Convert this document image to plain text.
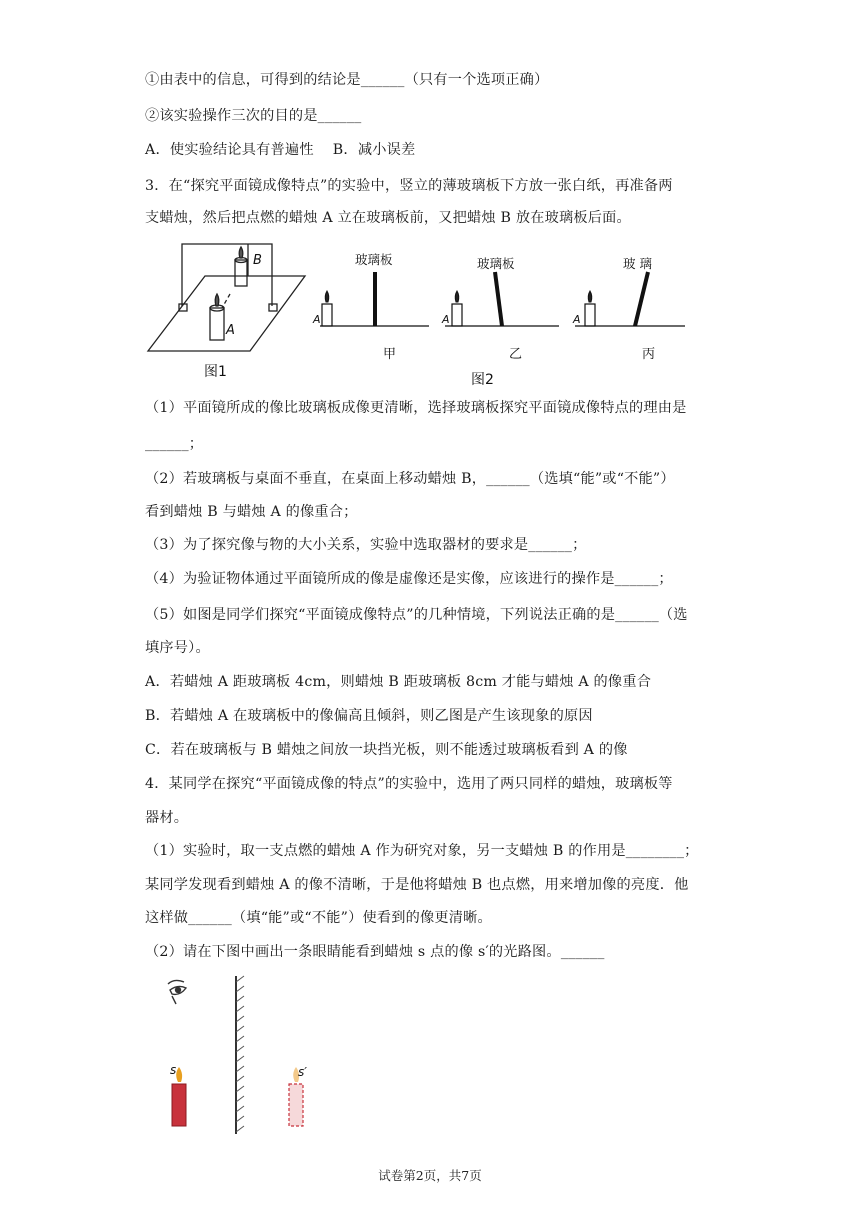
①由表中的信息，可得到的结论是______（只有一个选项正确）
②该实验操作三次的目的是______
A．使实验结论具有普遍性　 B．减小误差
3．在“探究平面镜成像特点”的实验中，竖立的薄玻璃板下方放一张白纸，再准备两
支蜡烛，然后把点燃的蜡烛 A 立在玻璃板前，又把蜡烛 B 放在玻璃板后面。
B
A
图1
玻璃板
A
甲
玻璃板
A
乙
玻 璃
A
丙
图2
（1）平面镜所成的像比玻璃板成像更清晰，选择玻璃板探究平面镜成像特点的理由是
______；
（2）若玻璃板与桌面不垂直，在桌面上移动蜡烛 B，______（选填“能”或“不能”）
看到蜡烛 B 与蜡烛 A 的像重合；
（3）为了探究像与物的大小关系，实验中选取器材的要求是______；
（4）为验证物体通过平面镜所成的像是虚像还是实像，应该进行的操作是______；
（5）如图是同学们探究“平面镜成像特点”的几种情境，下列说法正确的是______（选
填序号）。
A．若蜡烛 A 距玻璃板 4cm，则蜡烛 B 距玻璃板 8cm 才能与蜡烛 A 的像重合
B．若蜡烛 A 在玻璃板中的像偏高且倾斜，则乙图是产生该现象的原因
C．若在玻璃板与 B 蜡烛之间放一块挡光板，则不能透过玻璃板看到 A 的像
4．某同学在探究“平面镜成像的特点”的实验中，选用了两只同样的蜡烛，玻璃板等
器材。
（1）实验时，取一支点燃的蜡烛 A 作为研究对象，另一支蜡烛 B 的作用是________；
某同学发现看到蜡烛 A 的像不清晰，于是他将蜡烛 B 也点燃，用来增加像的亮度．他
这样做______（填“能”或“不能”）使看到的像更清晰。
（2）请在下图中画出一条眼睛能看到蜡烛 s 点的像 s′的光路图。______
s	s′
试卷第2页，共7页
